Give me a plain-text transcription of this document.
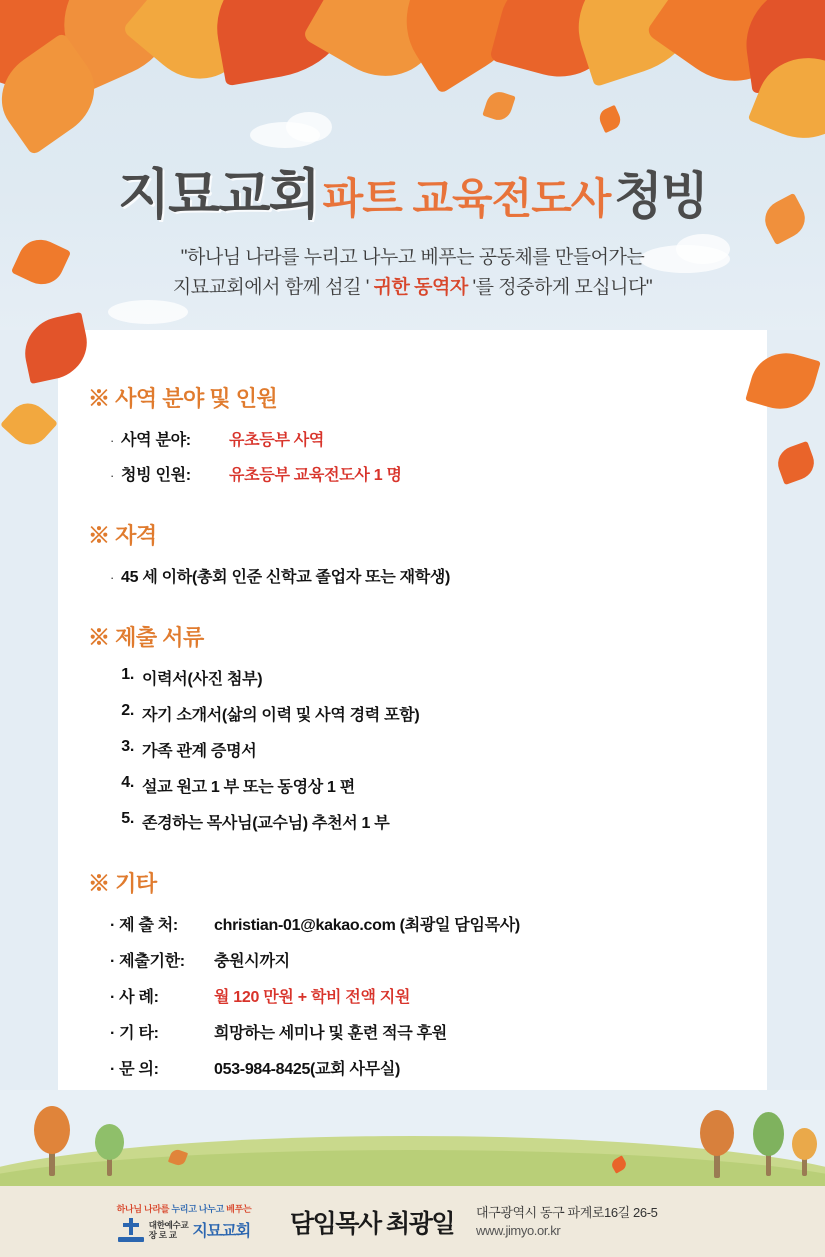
지묘교회파트 교육전도사청빙
"하나님 나라를 누리고 나누고 베푸는 공동체를 만들어가는
지묘교회에서 함께 섬길 ' 귀한 동역자 '를 정중하게 모십니다"
※ 사역 분야 및 인원
· 사역 분야:	유초등부 사역
· 청빙 인원:	유초등부 교육전도사 1 명
※ 자격
· 45 세 이하(총회 인준 신학교 졸업자 또는 재학생)
※ 제출 서류
이력서(사진 첨부)
자기 소개서(삶의 이력 및 사역 경력 포함)
가족 관계 증명서
설교 원고 1 부 또는 동영상 1 편
존경하는 목사님(교수님) 추천서 1 부
※ 기타
· 제 출 처:	christian-01@kakao.com (최광일 담임목사)
· 제출기한:	충원시까지
· 사 례:	월 120 만원 + 학비 전액 지원
· 기 타:	희망하는 세미나 및 훈련 적극 후원
· 문 의:	053-984-8425(교회 사무실)
하나님 나라를 누리고 나누고 베푸는
대한예수교
장 로 교 지묘교회 담임목사 최광일 대구광역시 동구 파계로16길 26-5
www.jimyo.or.kr
